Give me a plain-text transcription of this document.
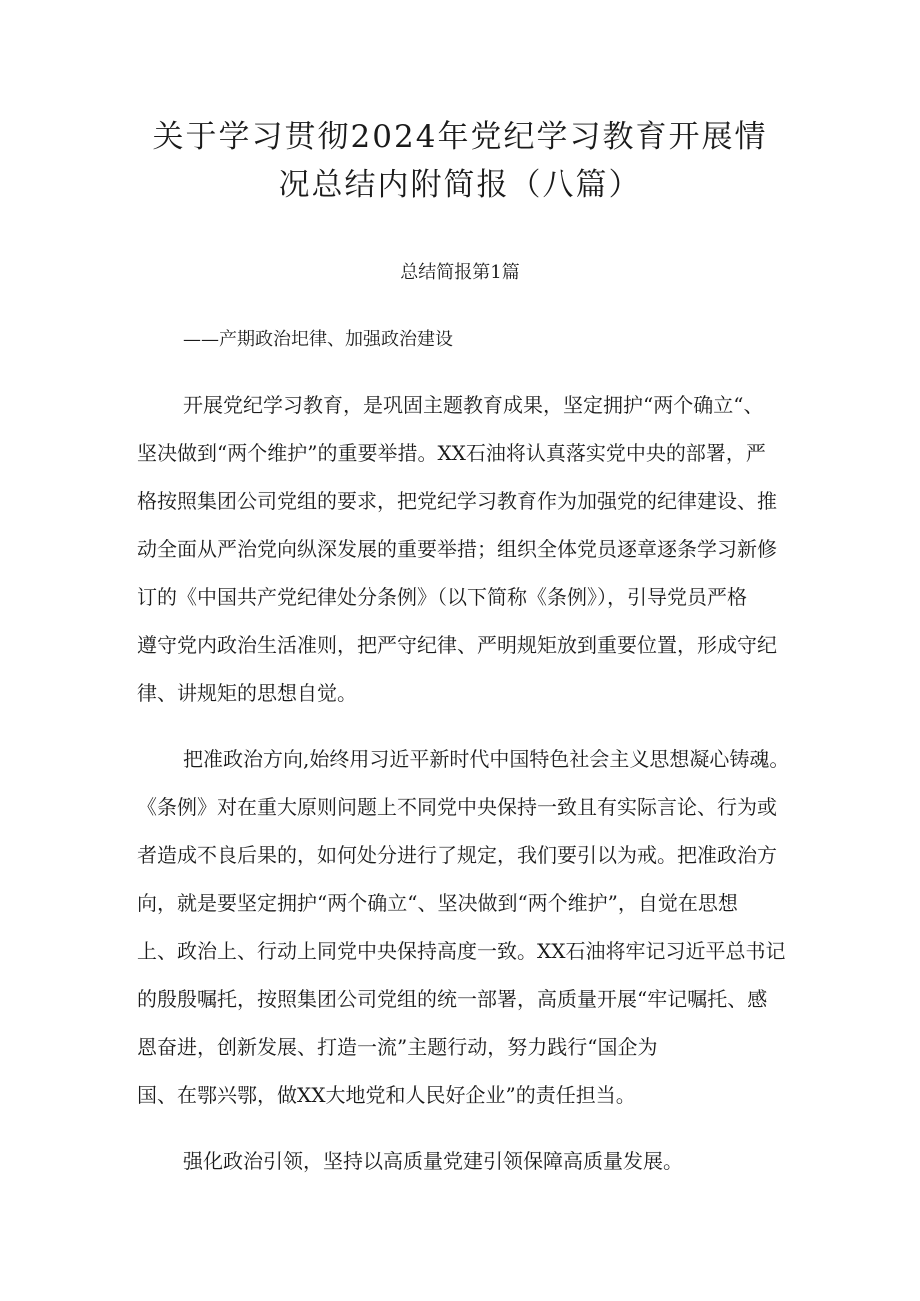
关于学习贯彻2024年党纪学习教育开展情
况总结内附简报（八篇）

总结简报第1篇

——产期政治圯律、加强政治建设

开展党纪学习教育，是巩固主题教育成果，坚定拥护“两个确立“、

坚决做到“两个维护”的重要举措。XX石油将认真落实党中央的部署，严

格按照集团公司党组的要求，把党纪学习教育作为加强党的纪律建设、推

动全面从严治党向纵深发展的重要举措；组织全体党员逐章逐条学习新修

订的《中国共产党纪律处分条例》（以下简称《条例》），引导党员严格

遵守党内政治生活准则，把严守纪律、严明规矩放到重要位置，形成守纪

律、讲规矩的思想自觉。

把准政治方向,始终用习近平新时代中国特色社会主义思想凝心铸魂。

《条例》对在重大原则问题上不同党中央保持一致且有实际言论、行为或

者造成不良后果的，如何处分进行了规定，我们要引以为戒。把准政治方

向，就是要坚定拥护“两个确立“、坚决做到“两个维护”，自觉在思想

上、政治上、行动上同党中央保持高度一致。XX石油将牢记习近平总书记

的殷殷嘱托，按照集团公司党组的统一部署，高质量开展“牢记嘱托、感

恩奋进，创新发展、打造一流”主题行动，努力践行“国企为

国、在鄂兴鄂，做XX大地党和人民好企业”的责任担当。

强化政治引领，坚持以高质量党建引领保障高质量发展。
